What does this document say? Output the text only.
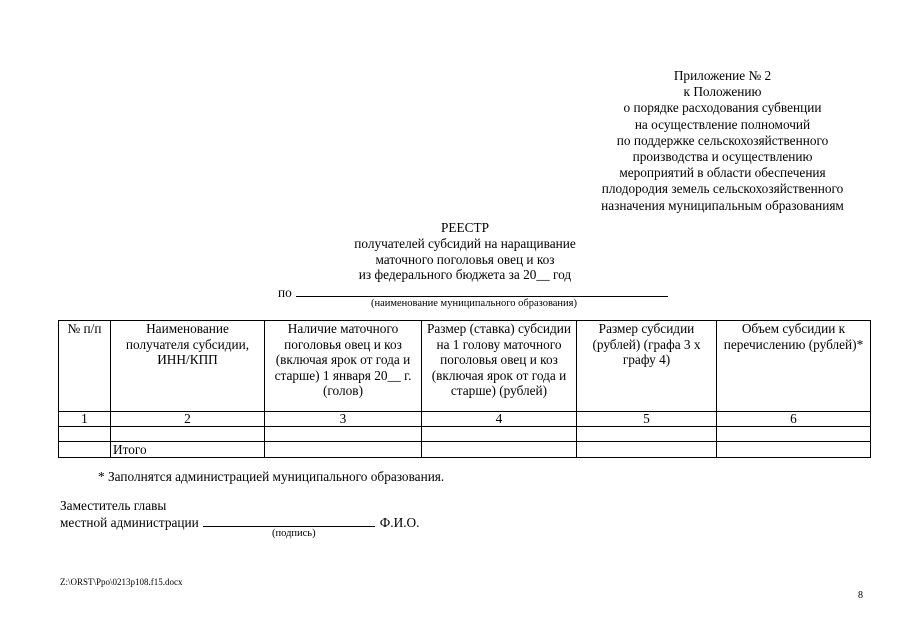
Приложение № 2
к Положению
о порядке расходования субвенции
на осуществление полномочий
по поддержке сельскохозяйственного
производства и осуществлению
мероприятий в области обеспечения
плодородия земель сельскохозяйственного
назначения муниципальным образованиям
РЕЕСТР
получателей субсидий на наращивание
маточного поголовья овец и коз
из федерального бюджета за 20__ год
по
(наименование муниципального образования)
№ п/п	Наименование получателя субсидии, ИНН/КПП	Наличие маточного поголовья овец и коз (включая ярок от года и старше) 1 января 20__ г. (голов)	Размер (ставка) субсидии на 1 голову маточного поголовья овец и коз (включая ярок от года и старше) (рублей)	Размер субсидии (рублей) (графа 3 х графу 4)	Объем субсидии к перечислению (рублей)*
1	2	3	4	5	6

	Итого				
* Заполнятся администрацией муниципального образования.
Заместитель главы
местной администрации	Ф.И.О.
(подпись)
Z:\ORST\Ppo\0213p108.f15.docx
8
